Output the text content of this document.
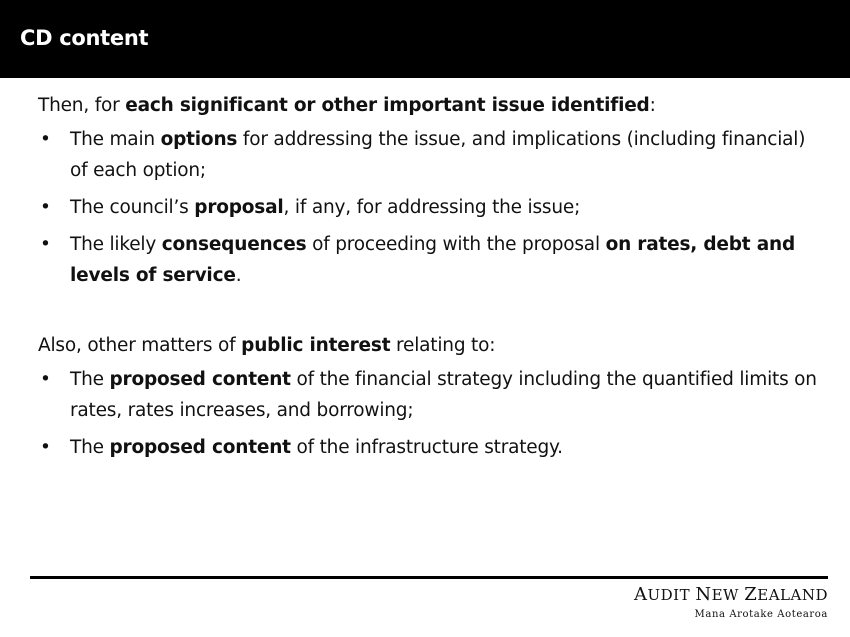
CD content

Then, for each significant or other important issue identified:

• The main options for addressing the issue, and implications (including financial) of each option;
• The council’s proposal, if any, for addressing the issue;
• The likely consequences of proceeding with the proposal on rates, debt and levels of service.

Also, other matters of public interest relating to:

• The proposed content of the financial strategy including the quantified limits on rates, rates increases, and borrowing;
• The proposed content of the infrastructure strategy.
AUDIT NEW ZEALAND
Mana Arotake Aotearoa
